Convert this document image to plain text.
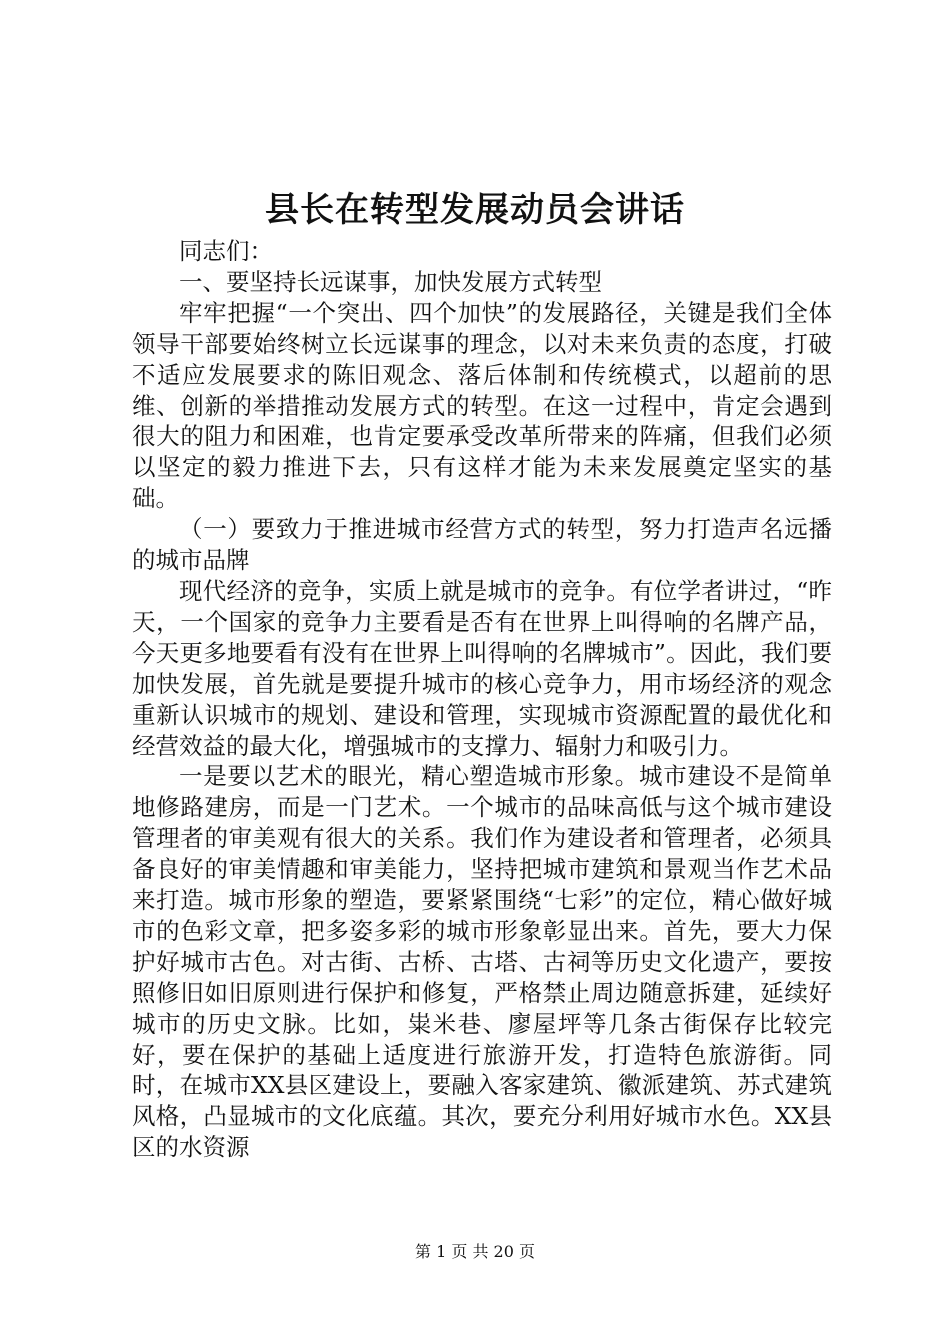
县长在转型发展动员会讲话

同志们：

一、要坚持长远谋事，加快发展方式转型

牢牢把握“一个突出、四个加快”的发展路径，关键是我们全体领导干部要始终树立长远谋事的理念，以对未来负责的态度，打破不适应发展要求的陈旧观念、落后体制和传统模式，以超前的思维、创新的举措推动发展方式的转型。在这一过程中，肯定会遇到很大的阻力和困难，也肯定要承受改革所带来的阵痛，但我们必须以坚定的毅力推进下去，只有这样才能为未来发展奠定坚实的基础。

（一）要致力于推进城市经营方式的转型，努力打造声名远播的城市品牌

现代经济的竞争，实质上就是城市的竞争。有位学者讲过，“昨天，一个国家的竞争力主要看是否有在世界上叫得响的名牌产品，今天更多地要看有没有在世界上叫得响的名牌城市”。因此，我们要加快发展，首先就是要提升城市的核心竞争力，用市场经济的观念重新认识城市的规划、建设和管理，实现城市资源配置的最优化和经营效益的最大化，增强城市的支撑力、辐射力和吸引力。

一是要以艺术的眼光，精心塑造城市形象。城市建设不是简单地修路建房，而是一门艺术。一个城市的品味高低与这个城市建设管理者的审美观有很大的关系。我们作为建设者和管理者，必须具备良好的审美情趣和审美能力，坚持把城市建筑和景观当作艺术品来打造。城市形象的塑造，要紧紧围绕“七彩”的定位，精心做好城市的色彩文章，把多姿多彩的城市形象彰显出来。首先，要大力保护好城市古色。对古街、古桥、古塔、古祠等历史文化遗产，要按照修旧如旧原则进行保护和修复，严格禁止周边随意拆建，延续好城市的历史文脉。比如，粜米巷、廖屋坪等几条古街保存比较完好，要在保护的基础上适度进行旅游开发，打造特色旅游街。同时，在城市XX县区建设上，要融入客家建筑、徽派建筑、苏式建筑风格，凸显城市的文化底蕴。其次，要充分利用好城市水色。XX县区的水资源

第 1 页 共 20 页
